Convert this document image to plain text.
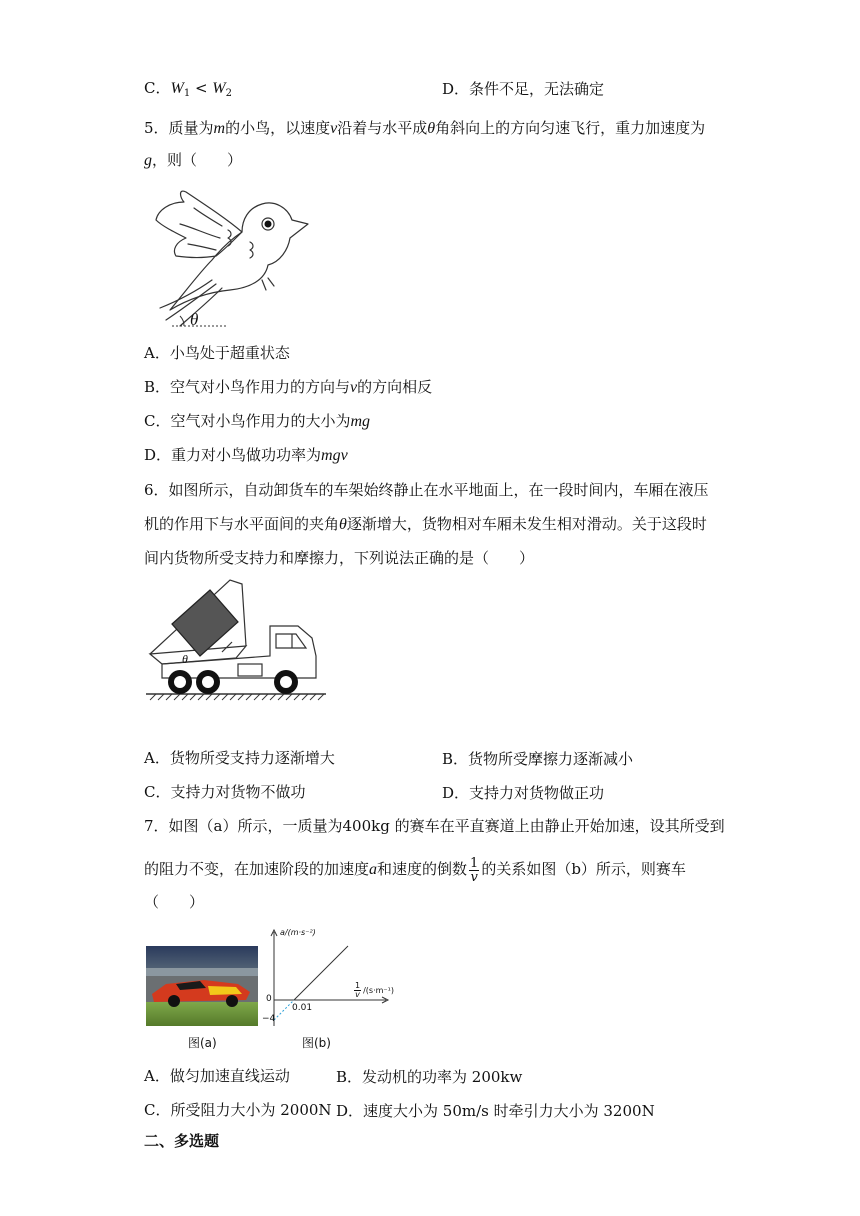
C．$W_1 < W_2$	D．条件不足，无法确定
5．质量为m的小鸟，以速度v沿着与水平成θ角斜向上的方向匀速飞行，重力加速度为
g，则（　　）
θ
A．小鸟处于超重状态
B．空气对小鸟作用力的方向与v的方向相反
C．空气对小鸟作用力的大小为mg
D．重力对小鸟做功功率为mgv
6．如图所示，自动卸货车的车架始终静止在水平地面上，在一段时间内，车厢在液压
机的作用下与水平面间的夹角θ逐渐增大，货物相对车厢未发生相对滑动。关于这段时
间内货物所受支持力和摩擦力，下列说法正确的是（　　）
θ
A．货物所受支持力逐渐增大	B．货物所受摩擦力逐渐减小
C．支持力对货物不做功	D．支持力对货物做正功
7．如图（a）所示，一质量为400kg 的赛车在平直赛道上由静止开始加速，设其所受到
的阻力不变，在加速阶段的加速度a和速度的倒数 $\frac{1}{v}$ 的关系如图（b）所示，则赛车
（　　）
图(a)
a/(m·s⁻²)
$\frac{1}{v} /(s\cdot m^{-1})$
0
0.01
−4
图(b)
A．做匀加速直线运动	B．发动机的功率为 200kw
C．所受阻力大小为 2000N D．速度大小为 50m/s 时牵引力大小为 3200N
二、多选题
